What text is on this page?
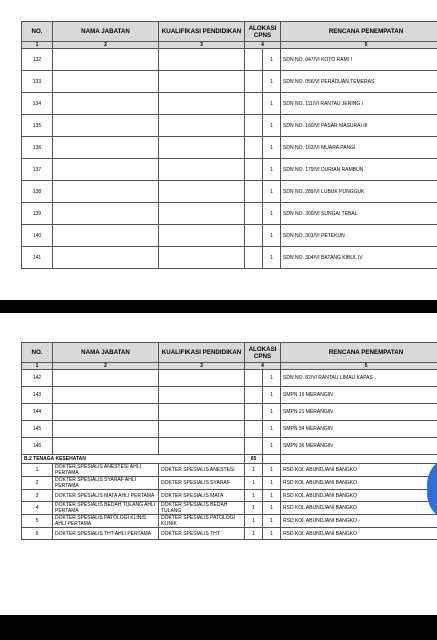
NO.	NAMA JABATAN	KUALIFIKASI PENDIDIKAN	ALOKASI CPNS		RENCANA PENEMPATAN
1	2	3	4		5
132				1	SDN NO. 047/VI KOTO RAMI I
133				1	SDN NO. 056/VI PERADUAN TEMERAS
134				1	SDN NO. 111/VI RANTAU JERING I
135				1	SDN NO. 160/VI PASAR MASURAI III
136				1	SDN NO. 163/VI MUARA PANGI
137				1	SDN NO. 179/VI DURIAN RAMBUN
138				1	SDN NO. 289/VI LUBUK PUNGGUK
139				1	SDN NO. 300/VI SUNGAI TEBAL
140				1	SDN NO. 301/VI PETEKUN
141				1	SDN NO. 304/VI BATANG KIBUL IV
NO.	NAMA JABATAN	KUALIFIKASI PENDIDIKAN	ALOKASI CPNS		RENCANA PENEMPATAN
1	2	3	4		5
142				1	SDN NO. 82/VI RANTAU LIMAU KAPAS
143				1	SMPN 16 MERANGIN
144				1	SMPN 21 MERANGIN
145				1	SMPN 34 MERANGIN
146				1	SMPN 36 MERANGIN
B.2 TENAGA KESEHATAN			65		
1	DOKTER SPESIALIS ANESTESI AHLI PERTAMA	DOKTER SPESIALIS ANESTESI	1	1	RSD KOL ABUNDJANI BANGKO
2	DOKTER SPESIALIS SYARAF AHLI PERTAMA	DOKTER SPESIALIS SYARAF	1	1	RSD KOL ABUNDJANI BANGKO
3	DOKTER SPESIALIS MATA AHLI PERTAMA	DOKTER SPESIALIS MATA	1	1	RSD KOL ABUNDJANI BANGKO
4	DOKTER SPESIALIS BEDAH TULANG AHLI PERTAMA	DOKTER SPESIALIS BEDAH TULANG	1	1	RSD KOL ABUNDJANI BANGKO
5	DOKTER SPESIALIS PATOLOGI KLINIS AHLI PERTAMA	DOKTER SPESIALIS PATOLOGI KLINIK	1	1	RSD KOL ABUNDJANI BANGKO
6	DOKTER SPESIALIS THT AHLI PERTAMA	DOKTER SPESIALIS THT	1	1	RSD KOL ABUNDJANI BANGKO
